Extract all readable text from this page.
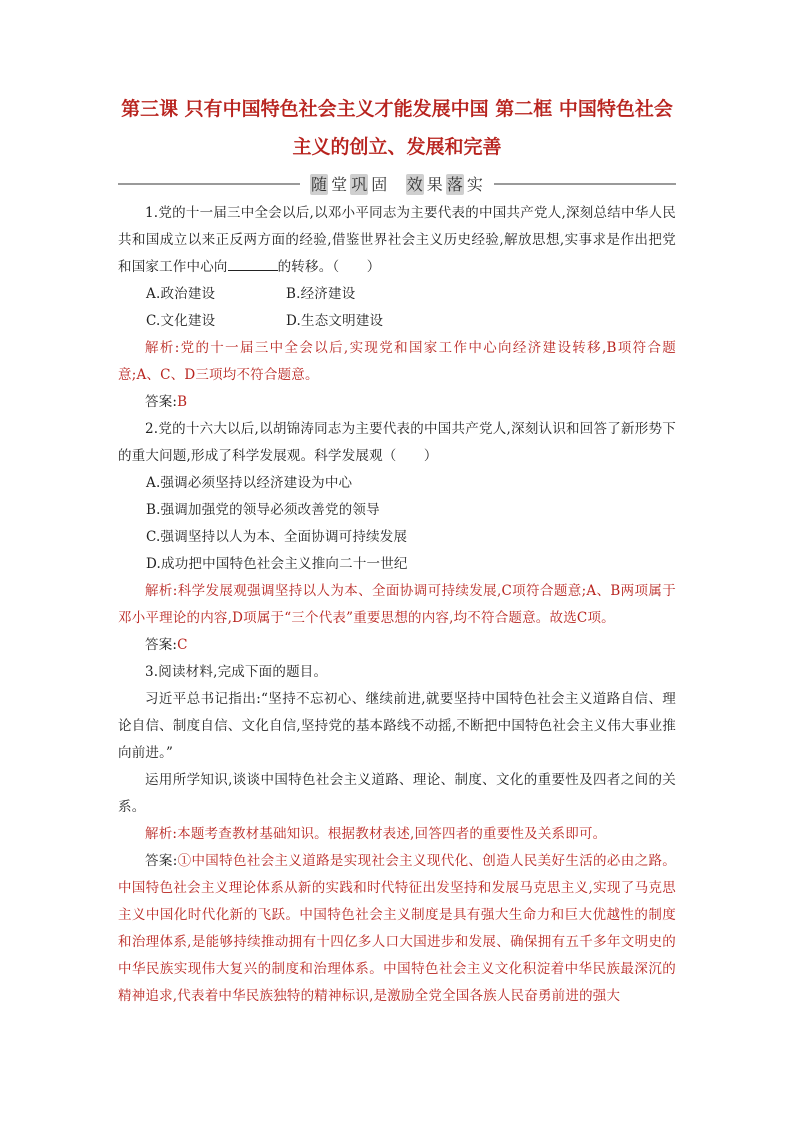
第三课 只有中国特色社会主义才能发展中国 第二框 中国特色社会
主义的创立、发展和完善
随 堂 巩 固 效 果 落 实

1.党的十一届三中全会以后,以邓小平同志为主要代表的中国共产党人,深刻总结中华人民共和国成立以来正反两方面的经验,借鉴世界社会主义历史经验,解放思想,实事求是作出把党和国家工作中心向	的转移。（　　）

A.政治建设	B.经济建设
C.文化建设	D.生态文明建设

解析:党的十一届三中全会以后,实现党和国家工作中心向经济建设转移,B项符合题意;A、C、D三项均不符合题意。

答案:B

2.党的十六大以后,以胡锦涛同志为主要代表的中国共产党人,深刻认识和回答了新形势下的重大问题,形成了科学发展观。科学发展观（　　）

A.强调必须坚持以经济建设为中心

B.强调加强党的领导必须改善党的领导

C.强调坚持以人为本、全面协调可持续发展

D.成功把中国特色社会主义推向二十一世纪

解析:科学发展观强调坚持以人为本、全面协调可持续发展,C项符合题意;A、B两项属于邓小平理论的内容,D项属于“三个代表”重要思想的内容,均不符合题意。故选C项。

答案:C

3.阅读材料,完成下面的题目。

习近平总书记指出:“坚持不忘初心、继续前进,就要坚持中国特色社会主义道路自信、理论自信、制度自信、文化自信,坚持党的基本路线不动摇,不断把中国特色社会主义伟大事业推向前进。”

运用所学知识,谈谈中国特色社会主义道路、理论、制度、文化的重要性及四者之间的关系。

解析:本题考查教材基础知识。根据教材表述,回答四者的重要性及关系即可。

答案:①中国特色社会主义道路是实现社会主义现代化、创造人民美好生活的必由之路。中国特色社会主义理论体系从新的实践和时代特征出发坚持和发展马克思主义,实现了马克思主义中国化时代化新的飞跃。中国特色社会主义制度是具有强大生命力和巨大优越性的制度和治理体系,是能够持续推动拥有十四亿多人口大国进步和发展、确保拥有五千多年文明史的中华民族实现伟大复兴的制度和治理体系。中国特色社会主义文化积淀着中华民族最深沉的精神追求,代表着中华民族独特的精神标识,是激励全党全国各族人民奋勇前进的强大
